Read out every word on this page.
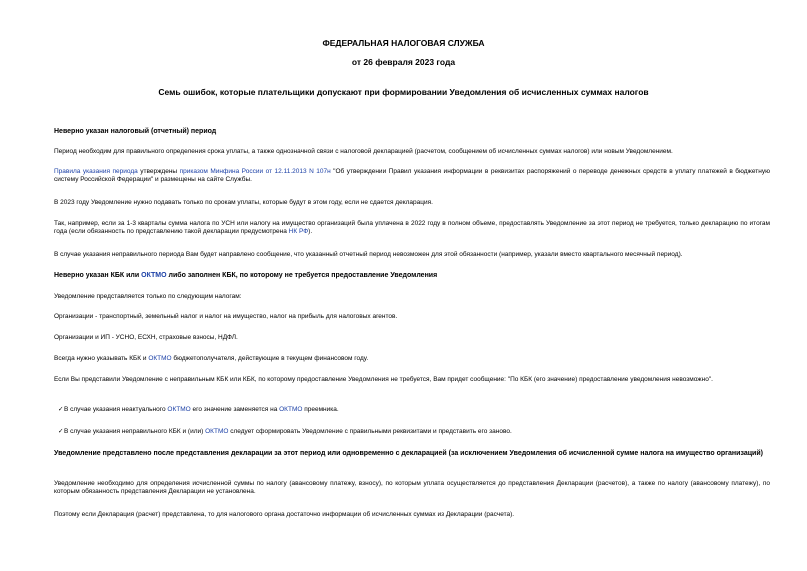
ФЕДЕРАЛЬНАЯ НАЛОГОВАЯ СЛУЖБА

от 26 февраля 2023 года

Семь ошибок, которые плательщики допускают при формировании Уведомления об исчисленных суммах налогов

Неверно указан налоговый (отчетный) период

Период необходим для правильного определения срока уплаты, а также однозначной связи с налоговой декларацией (расчетом, сообщением об исчисленных суммах налогов) или новым Уведомлением.

Правила указания периода утверждены приказом Минфина России от 12.11.2013 N 107н "Об утверждении Правил указания информации в реквизитах распоряжений о переводе денежных средств в уплату платежей в бюджетную систему Российской Федерации" и размещены на сайте Службы.

В 2023 году Уведомление нужно подавать только по срокам уплаты, которые будут в этом году, если не сдается декларация.

Так, например, если за 1-3 кварталы сумма налога по УСН или налогу на имущество организаций была уплачена в 2022 году в полном объеме, предоставлять Уведомление за этот период не требуется, только декларацию по итогам года (если обязанность по представлению такой декларации предусмотрена НК РФ).

В случае указания неправильного периода Вам будет направлено сообщение, что указанный отчетный период невозможен для этой обязанности (например, указали вместо квартального месячный период).

Неверно указан КБК или ОКТМО либо заполнен КБК, по которому не требуется предоставление Уведомления

Уведомление представляется только по следующим налогам:

Организации - транспортный, земельный налог и налог на имущество, налог на прибыль для налоговых агентов.

Организации и ИП - УСНО, ЕСХН, страховые взносы, НДФЛ.

Всегда нужно указывать КБК и ОКТМО бюджетополучателя, действующие в текущем финансовом году.

Если Вы представили Уведомление с неправильным КБК или КБК, по которому предоставление Уведомления не требуется, Вам придет сообщение: "По КБК (его значение) предоставление уведомления невозможно".

✓В случае указания неактуального ОКТМО его значение заменяется на ОКТМО преемника.

✓В случае указания неправильного КБК и (или) ОКТМО следует сформировать Уведомление с правильными реквизитами и представить его заново.

Уведомление представлено после представления декларации за этот период или одновременно с декларацией (за исключением Уведомления об исчисленной сумме налога на имущество организаций)

Уведомление необходимо для определения исчисленной суммы по налогу (авансовому платежу, взносу), по которым уплата осуществляется до представления Декларации (расчетов), а также по налогу (авансовому платежу), по которым обязанность представления Декларации не установлена.

Поэтому если Декларация (расчет) представлена, то для налогового органа достаточно информации об исчисленных суммах из Декларации (расчета).
